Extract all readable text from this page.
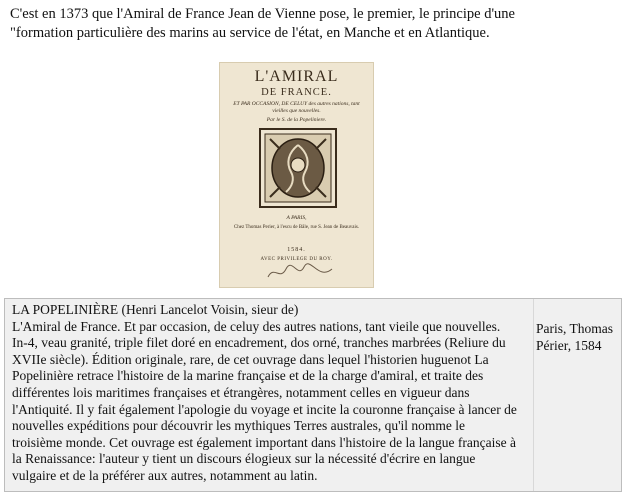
C'est en 1373 que l'Amiral de France Jean de Vienne pose, le premier, le principe d'une
"formation particulière des marins au service de l'état, en Manche et en Atlantique.
L'AMIRAL
DE FRANCE.
ET PAR OCCASION, DE CELUY des autres nations, tant vieilles que nouvelles.
Par le S. de la Popeliniere.
A PARIS,
Chez Thomas Perier, à l'escu de Bâle, rue S. Jean de Beauvais.
1584.
AVEC PRIVILEGE DU ROY.
LA POPELINIÈRE (Henri Lancelot Voisin, sieur de)
L'Amiral de France. Et par occasion, de celuy des autres nations, tant vieile que nouvelles.
In-4, veau granité, triple filet doré en encadrement, dos orné, tranches marbrées (Reliure du
XVIIe siècle). Édition originale, rare, de cet ouvrage dans lequel l'historien huguenot La
Popelinière retrace l'histoire de la marine française et de la charge d'amiral, et traite des
différentes lois maritimes françaises et étrangères, notamment celles en vigueur dans
l'Antiquité. Il y fait également l'apologie du voyage et incite la couronne française à lancer de
nouvelles expéditions pour découvrir les mythiques Terres australes, qu'il nomme le
troisième monde. Cet ouvrage est également important dans l'histoire de la langue française à
la Renaissance: l'auteur y tient un discours élogieux sur la nécessité d'écrire en langue
vulgaire et de la préférer aux autres, notamment au latin.
Paris, Thomas
Périer, 1584
